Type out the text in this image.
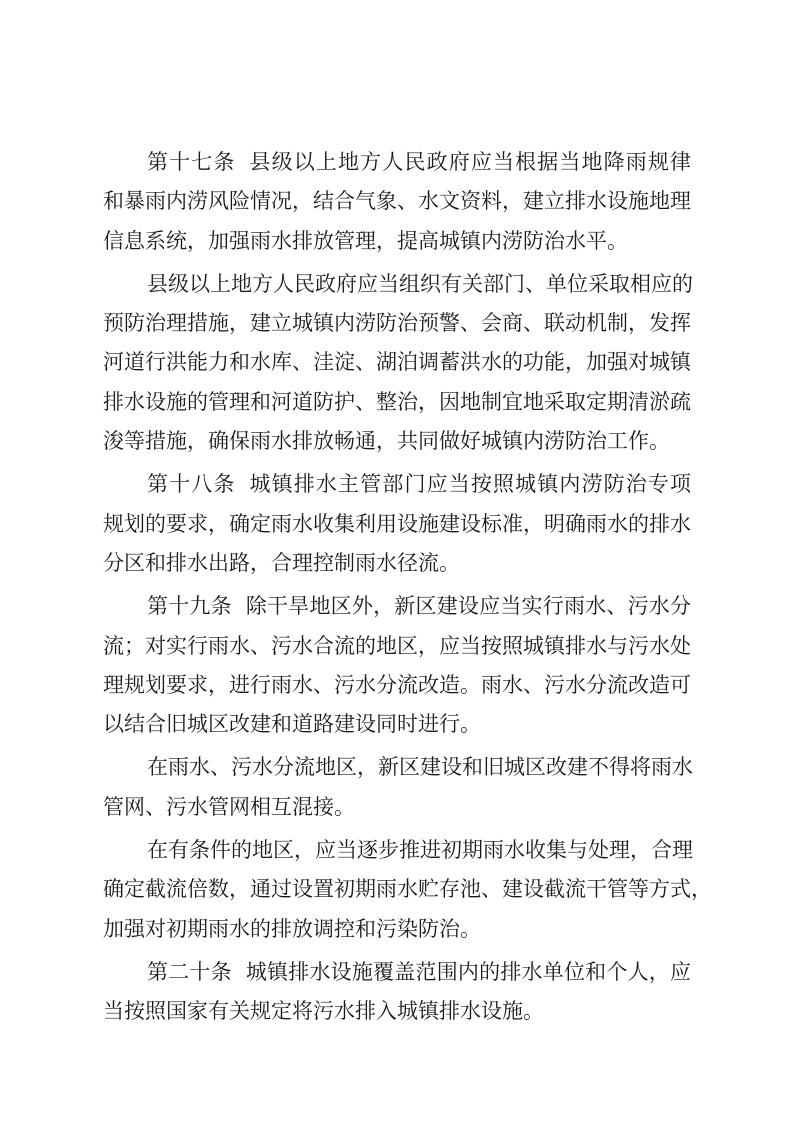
第十七条 县级以上地方人民政府应当根据当地降雨规律
和暴雨内涝风险情况，结合气象、水文资料，建立排水设施地理
信息系统，加强雨水排放管理，提高城镇内涝防治水平。
县级以上地方人民政府应当组织有关部门、单位采取相应的
预防治理措施，建立城镇内涝防治预警、会商、联动机制，发挥
河道行洪能力和水库、洼淀、湖泊调蓄洪水的功能，加强对城镇
排水设施的管理和河道防护、整治，因地制宜地采取定期清淤疏
浚等措施，确保雨水排放畅通，共同做好城镇内涝防治工作。
第十八条 城镇排水主管部门应当按照城镇内涝防治专项
规划的要求，确定雨水收集利用设施建设标准，明确雨水的排水
分区和排水出路，合理控制雨水径流。
第十九条 除干旱地区外，新区建设应当实行雨水、污水分
流；对实行雨水、污水合流的地区，应当按照城镇排水与污水处
理规划要求，进行雨水、污水分流改造。雨水、污水分流改造可
以结合旧城区改建和道路建设同时进行。
在雨水、污水分流地区，新区建设和旧城区改建不得将雨水
管网、污水管网相互混接。
在有条件的地区，应当逐步推进初期雨水收集与处理，合理
确定截流倍数，通过设置初期雨水贮存池、建设截流干管等方式，
加强对初期雨水的排放调控和污染防治。
第二十条 城镇排水设施覆盖范围内的排水单位和个人，应
当按照国家有关规定将污水排入城镇排水设施。
